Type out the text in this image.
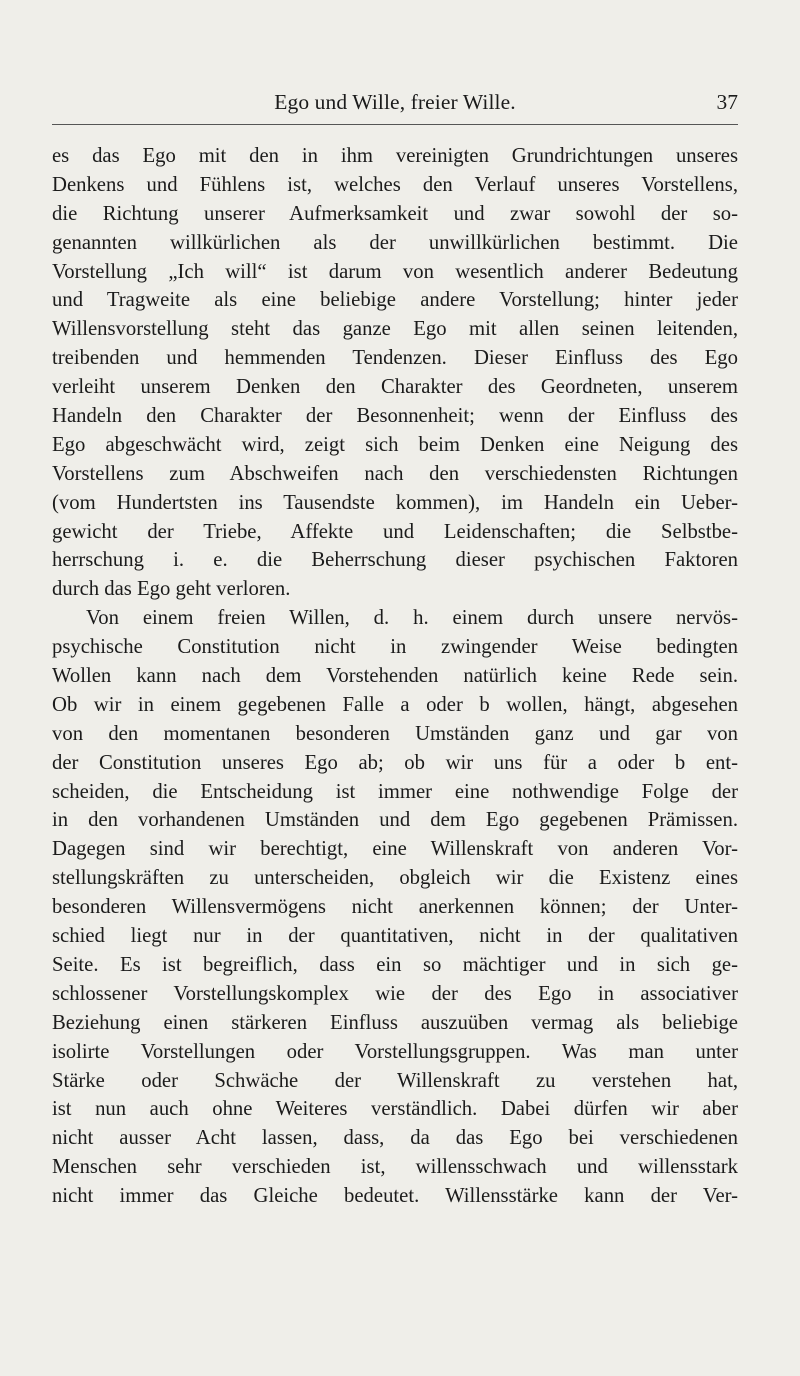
Ego und Wille, freier Wille.	37
es das Ego mit den in ihm vereinigten Grundrichtungen unseres
Denkens und Fühlens ist, welches den Verlauf unseres Vorstellens,
die Richtung unserer Aufmerksamkeit und zwar sowohl der so-
genannten willkürlichen als der unwillkürlichen bestimmt. Die
Vorstellung „Ich will“ ist darum von wesentlich anderer Bedeutung
und Tragweite als eine beliebige andere Vorstellung; hinter jeder
Willensvorstellung steht das ganze Ego mit allen seinen leitenden,
treibenden und hemmenden Tendenzen. Dieser Einfluss des Ego
verleiht unserem Denken den Charakter des Geordneten, unserem
Handeln den Charakter der Besonnenheit; wenn der Einfluss des
Ego abgeschwächt wird, zeigt sich beim Denken eine Neigung des
Vorstellens zum Abschweifen nach den verschiedensten Richtungen
(vom Hundertsten ins Tausendste kommen), im Handeln ein Ueber-
gewicht der Triebe, Affekte und Leidenschaften; die Selbstbe-
herrschung i. e. die Beherrschung dieser psychischen Faktoren
durch das Ego geht verloren.
Von einem freien Willen, d. h. einem durch unsere nervös-
psychische Constitution nicht in zwingender Weise bedingten
Wollen kann nach dem Vorstehenden natürlich keine Rede sein.
Ob wir in einem gegebenen Falle a oder b wollen, hängt, abgesehen
von den momentanen besonderen Umständen ganz und gar von
der Constitution unseres Ego ab; ob wir uns für a oder b ent-
scheiden, die Entscheidung ist immer eine nothwendige Folge der
in den vorhandenen Umständen und dem Ego gegebenen Prämissen.
Dagegen sind wir berechtigt, eine Willenskraft von anderen Vor-
stellungskräften zu unterscheiden, obgleich wir die Existenz eines
besonderen Willensvermögens nicht anerkennen können; der Unter-
schied liegt nur in der quantitativen, nicht in der qualitativen
Seite. Es ist begreiflich, dass ein so mächtiger und in sich ge-
schlossener Vorstellungskomplex wie der des Ego in associativer
Beziehung einen stärkeren Einfluss auszuüben vermag als beliebige
isolirte Vorstellungen oder Vorstellungsgruppen. Was man unter
Stärke oder Schwäche der Willenskraft zu verstehen hat,
ist nun auch ohne Weiteres verständlich. Dabei dürfen wir aber
nicht ausser Acht lassen, dass, da das Ego bei verschiedenen
Menschen sehr verschieden ist, willensschwach und willensstark
nicht immer das Gleiche bedeutet. Willensstärke kann der Ver-
